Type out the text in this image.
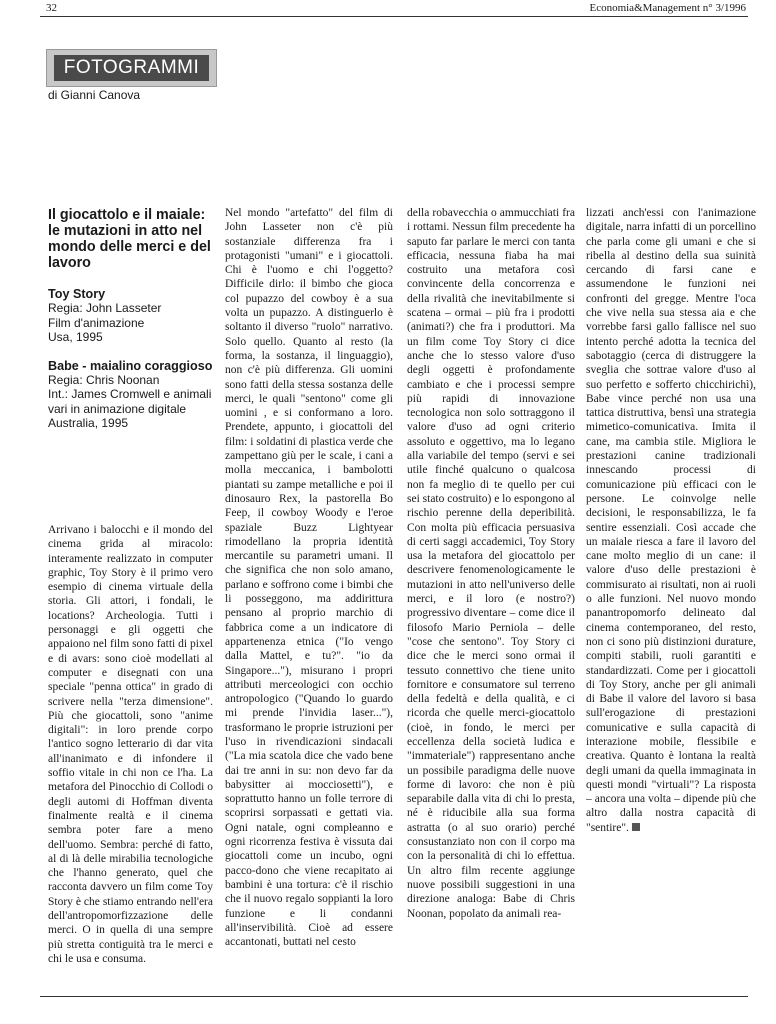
32	Economia&Management n° 3/1996
FOTOGRAMMI
di Gianni Canova
Il giocattolo e il maiale: le mutazioni in atto nel mondo delle merci e del lavoro
Toy Story
Regia: John Lasseter
Film d'animazione
Usa, 1995
Babe - maialino coraggioso
Regia: Chris Noonan
Int.: James Cromwell e animali vari in animazione digitale
Australia, 1995

Arrivano i balocchi e il mondo del cinema grida al miracolo: interamente realizzato in computer graphic, Toy Story è il primo vero esempio di cinema virtuale della storia. Gli attori, i fondali, le locations? Archeologia. Tutti i personaggi e gli oggetti che appaiono nel film sono fatti di pixel e di avars: sono cioè modellati al computer e disegnati con una speciale "penna ottica" in grado di scrivere nella "terza dimensione". Più che giocattoli, sono "anime digitali": in loro prende corpo l'antico sogno letterario di dar vita all'inanimato e di infondere il soffio vitale in chi non ce l'ha. La metafora del Pinocchio di Collodi o degli automi di Hoffman diventa finalmente realtà e il cinema sembra poter fare a meno dell'uomo. Sembra: perché di fatto, al di là delle mirabilia tecnologiche che l'hanno generato, quel che racconta davvero un film come Toy Story è che stiamo entrando nell'era dell'antropomorfizzazione delle merci. O in quella di una sempre più stretta contiguità tra le merci e chi le usa e consuma.

Nel mondo "artefatto" del film di John Lasseter non c'è più sostanziale differenza fra i protagonisti "umani" e i giocattoli. Chi è l'uomo e chi l'oggetto? Difficile dirlo: il bimbo che gioca col pupazzo del cowboy è a sua volta un pupazzo. A distinguerlo è soltanto il diverso "ruolo" narrativo. Solo quello. Quanto al resto (la forma, la sostanza, il linguaggio), non c'è più differenza. Gli uomini sono fatti della stessa sostanza delle merci, le quali "sentono" come gli uomini , e si conformano a loro. Prendete, appunto, i giocattoli del film: i soldatini di plastica verde che zampettano giù per le scale, i cani a molla meccanica, i bambolotti piantati su zampe metalliche e poi il dinosauro Rex, la pastorella Bo Feep, il cowboy Woody e l'eroe spaziale Buzz Lightyear rimodellano la propria identità mercantile su parametri umani. Il che significa che non solo amano, parlano e soffrono come i bimbi che li posseggono, ma addirittura pensano al proprio marchio di fabbrica come a un indicatore di appartenenza etnica ("Io vengo dalla Mattel, e tu?". "io da Singapore..."), misurano i propri attributi merceologici con occhio antropologico ("Quando lo guardo mi prende l'invidia laser..."), trasformano le proprie istruzioni per l'uso in rivendicazioni sindacali ("La mia scatola dice che vado bene dai tre anni in su: non devo far da babysitter ai mocciosetti"), e soprattutto hanno un folle terrore di scoprirsi sorpassati e gettati via. Ogni natale, ogni compleanno e ogni ricorrenza festiva è vissuta dai giocattoli come un incubo, ogni pacco-dono che viene recapitato ai bambini è una tortura: c'è il rischio che il nuovo regalo soppianti la loro funzione e li condanni all'inservibilità. Cioè ad essere accantonati, buttati nel cesto

della robavecchia o ammucchiati fra i rottami. Nessun film precedente ha saputo far parlare le merci con tanta efficacia, nessuna fiaba ha mai costruito una metafora così convincente della concorrenza e della rivalità che inevitabilmente si scatena – ormai – più fra i prodotti (animati?) che fra i produttori. Ma un film come Toy Story ci dice anche che lo stesso valore d'uso degli oggetti è profondamente cambiato e che i processi sempre più rapidi di innovazione tecnologica non solo sottraggono il valore d'uso ad ogni criterio assoluto e oggettivo, ma lo legano alla variabile del tempo (servi e sei utile finché qualcuno o qualcosa non fa meglio di te quello per cui sei stato costruito) e lo espongono al rischio perenne della deperibilità. Con molta più efficacia persuasiva di certi saggi accademici, Toy Story usa la metafora del giocattolo per descrivere fenomenologicamente le mutazioni in atto nell'universo delle merci, e il loro (e nostro?) progressivo diventare – come dice il filosofo Mario Perniola – delle "cose che sentono". Toy Story ci dice che le merci sono ormai il tessuto connettivo che tiene unito fornitore e consumatore sul terreno della fedeltà e della qualità, e ci ricorda che quelle merci-giocattolo (cioè, in fondo, le merci per eccellenza della società ludica e "immateriale") rappresentano anche un possibile paradigma delle nuove forme di lavoro: che non è più separabile dalla vita di chi lo presta, né è riducibile alla sua forma astratta (o al suo orario) perché consustanziato non con il corpo ma con la personalità di chi lo effettua. Un altro film recente aggiunge nuove possibili suggestioni in una direzione analoga: Babe di Chris Noonan, popolato da animali rea-

lizzati anch'essi con l'animazione digitale, narra infatti di un porcellino che parla come gli umani e che si ribella al destino della sua suinità cercando di farsi cane e assumendone le funzioni nei confronti del gregge. Mentre l'oca che vive nella sua stessa aia e che vorrebbe farsi gallo fallisce nel suo intento perché adotta la tecnica del sabotaggio (cerca di distruggere la sveglia che sottrae valore d'uso al suo perfetto e sofferto chicchirichì), Babe vince perché non usa una tattica distruttiva, bensì una strategia mimetico-comunicativa. Imita il cane, ma cambia stile. Migliora le prestazioni canine tradizionali innescando processi di comunicazione più efficaci con le persone. Le coinvolge nelle decisioni, le responsabilizza, le fa sentire essenziali. Così accade che un maiale riesca a fare il lavoro del cane molto meglio di un cane: il valore d'uso delle prestazioni è commisurato ai risultati, non ai ruoli o alle funzioni. Nel nuovo mondo panantropomorfo delineato dal cinema contemporaneo, del resto, non ci sono più distinzioni durature, compiti stabili, ruoli garantiti e standardizzati. Come per i giocattoli di Toy Story, anche per gli animali di Babe il valore del lavoro si basa sull'erogazione di prestazioni comunicative e sulla capacità di interazione mobile, flessibile e creativa. Quanto è lontana la realtà degli umani da quella immaginata in questi mondi "virtuali"? La risposta – ancora una volta – dipende più che altro dalla nostra capacità di "sentire".
